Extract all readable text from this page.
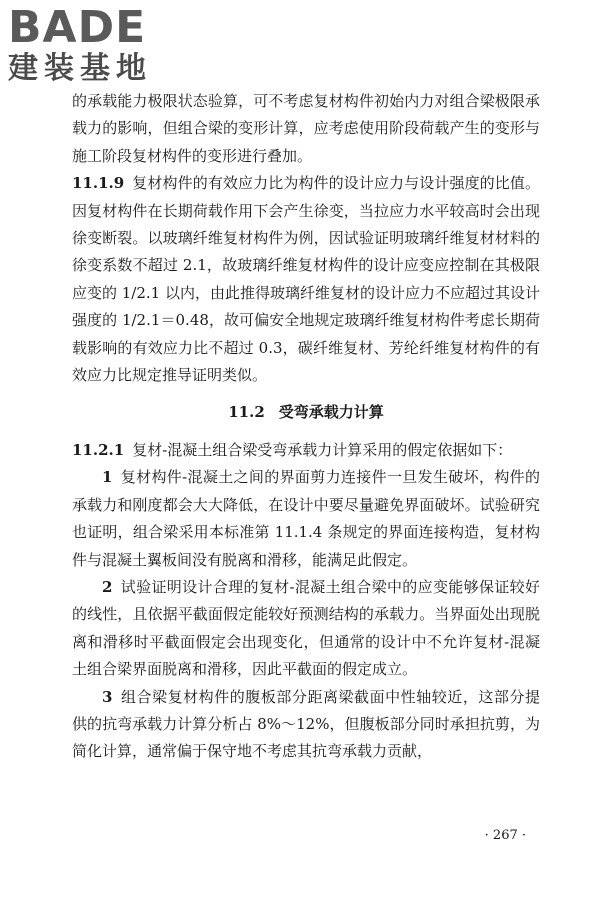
BADE
建装基地

的承载能力极限状态验算，可不考虑复材构件初始内力对组合梁极限承载力的影响，但组合梁的变形计算，应考虑使用阶段荷载产生的变形与施工阶段复材构件的变形进行叠加。

11.1.9 复材构件的有效应力比为构件的设计应力与设计强度的比值。因复材构件在长期荷载作用下会产生徐变，当拉应力水平较高时会出现徐变断裂。以玻璃纤维复材构件为例，因试验证明玻璃纤维复材材料的徐变系数不超过 2.1，故玻璃纤维复材构件的设计应变应控制在其极限应变的 1/2.1 以内，由此推得玻璃纤维复材的设计应力不应超过其设计强度的 1/2.1＝0.48，故可偏安全地规定玻璃纤维复材构件考虑长期荷载影响的有效应力比不超过 0.3，碳纤维复材、芳纶纤维复材构件的有效应力比规定推导证明类似。

11.2 受弯承载力计算

11.2.1 复材-混凝土组合梁受弯承载力计算采用的假定依据如下：

1 复材构件-混凝土之间的界面剪力连接件一旦发生破坏，构件的承载力和刚度都会大大降低，在设计中要尽量避免界面破坏。试验研究也证明，组合梁采用本标准第 11.1.4 条规定的界面连接构造，复材构件与混凝土翼板间没有脱离和滑移，能满足此假定。

2 试验证明设计合理的复材-混凝土组合梁中的应变能够保证较好的线性，且依据平截面假定能较好预测结构的承载力。当界面处出现脱离和滑移时平截面假定会出现变化，但通常的设计中不允许复材-混凝土组合梁界面脱离和滑移，因此平截面的假定成立。

3 组合梁复材构件的腹板部分距离梁截面中性轴较近，这部分提供的抗弯承载力计算分析占 8%～12%，但腹板部分同时承担抗剪，为简化计算，通常偏于保守地不考虑其抗弯承载力贡献，

· 267 ·
